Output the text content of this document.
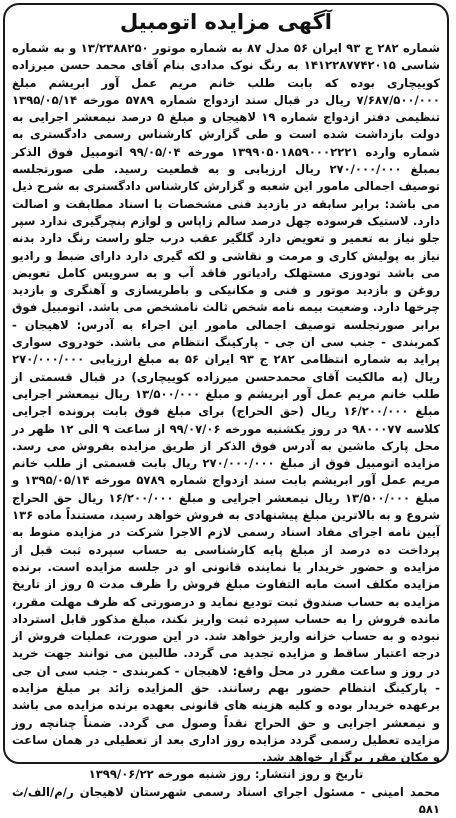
آگهی مزایده اتومبیل

شماره ۲۸۲ ج ۹۳ ایران ۵۶ مدل ۸۷ به شماره موتور ۱۳/۲۳۸۸۲۵۰ و به شماره شاسی ۱۴۱۲۲۸۷۷۴۲۰۱۵ به رنگ نوک مدادی بنام آقای محمد حسن میرزاده کوییچاری بوده که بابت طلب خانم مریم عمل آور ابریشم مبلغ ۷/۶۸۷/۵۰۰/۰۰۰ ریال در قبال سند ازدواج شماره ۵۷۸۹ مورخه ۱۳۹۵/۰۵/۱۴ تنظیمی دفتر ازدواج شماره ۱۹ لاهیجان و مبلغ ۵ درصد نیمعشر اجرایی به دولت بازداشت شده است و طی گزارش کارشناس رسمی دادگستری به شماره وارده ۱۳۹۹۰۵۰۱۸۵۹۰۰۰۲۲۲۱ مورخه ۹۹/۰۵/۰۴ اتومبیل فوق الذکر بمبلغ ۲۷۰/۰۰۰/۰۰۰ ریال ارزیابی و به قطعیت رسید. طی صورتجلسه توصیف اجمالی مامور این شعبه و گزارش کارشناس دادگستری به شرح ذیل می باشد: برابر سابقه در بازدید فنی مشخصات با اسناد مطابقت و اصالت دارد. لاستیک فرسوده چهل درصد سالم زاپاس و لوازم پنچرگیری ندارد سپر جلو نیاز به تعمیر و تعویض دارد گلگیر عقب درب جلو راست رنگ دارد بدنه نیاز به پولیش کاری و مرمت و نقاشی و لکه گیری دارد دارای ضبط و رادیو می باشد تودوزی مستهلک رادیاتور فاقد آب و به سرویس کامل تعویض روغن و بازدید موتور و فنی و مکانیکی و باطریسازی و آهنگری و بازدید چرخها دارد. وضعیت بیمه نامه شخص ثالث نامشخص می باشد. اتومبیل فوق برابر صورتجلسه توصیف اجمالی مامور این اجراء به آدرس: لاهیجان - کمربندی - جنب سی ان جی - پارکینگ انتظام می باشد. خودروی سواری پراید به شماره انتظامی ۲۸۲ ج ۹۳ ایران ۵۶ به مبلغ ارزیابی ۲۷۰/۰۰۰/۰۰۰ ریال (به مالکیت آقای محمدحسن میرزاده کوییچاری) در قبال قسمتی از طلب خانم مریم عمل آور ابریشم و مبلغ ۱۳/۵۰۰/۰۰۰ ریال نیمعشر اجرایی مبلغ ۱۶/۲۰۰/۰۰۰ ریال (حق الحراج) برای مبلغ فوق بابت پرونده اجرایی کلاسه ۹۸۰۰۰۷۷ در روز یکشنبه مورخه ۹۹/۰۷/۰۶ از ساعت ۹ الی ۱۲ ظهر در محل پارک ماشین به آدرس فوق الذکر از طریق مزایده بفروش می رسد. مزایده اتومبیل فوق از مبلغ ۲۷۰/۰۰۰/۰۰۰ ریال بابت قسمتی از طلب خانم مریم عمل آور ابریشم بابت سند ازدواج شماره ۵۷۸۹ مورخه ۱۳۹۵/۰۵/۱۴ و مبلغ ۱۳/۵۰۰/۰۰۰ ریال نیمعشر اجرایی و مبلغ ۱۶/۲۰۰/۰۰۰ ریال حق الحراج شروع و به بالاترین مبلغ پیشنهادی به فروش خواهد رسید، مستنداً ماده ۱۳۶ آیین نامه اجرای مفاد اسناد رسمی لازم الاجرا شرکت در مزایده منوط به پرداخت ده درصد از مبلغ پایه کارشناسی به حساب سپرده ثبت قبل از مزایده و حضور خریدار یا نماینده قانونی او در جلسه مزایده است. برنده مزایده مکلف است مابه التفاوت مبلغ فروش را ظرف مدت ۵ روز از تاریخ مزایده به حساب صندوق ثبت تودیع نماید و درصورتی که ظرف مهلت مقرر، مانده فروش را به حساب سپرده ثبت واریز نکند، مبلغ مذکور قابل استرداد نبوده و به حساب خزانه واریز خواهد شد. در این صورت، عملیات فروش از درجه اعتبار ساقط و مزایده تجدید می گردد. طالبین می توانند جهت خرید در روز و ساعت مقرر در محل واقع: لاهیجان - کمربندی - جنب سی ان جی - پارکینگ انتظام حضور بهم رسانند. حق المزایده زائد بر مبلغ مزایده برعهده خریدار بوده و کلیه هزینه های قانونی بعهده برنده مزایده می باشد و نیمعشر اجرایی و حق الحراج نقداً وصول می گردد. ضمناً چنانچه روز مزایده تعطیل رسمی گردد مزایده روز اداری بعد از تعطیلی در همان ساعت و مکان مقرر برگزار خواهد شد.

تاریخ و روز انتشار: روز شنبه مورخه ۱۳۹۹/۰۶/۲۲
محمد امینی - مسئول اجرای اسناد رسمی شهرستان لاهیجان ر/م/الف/ث ۵۸۱
